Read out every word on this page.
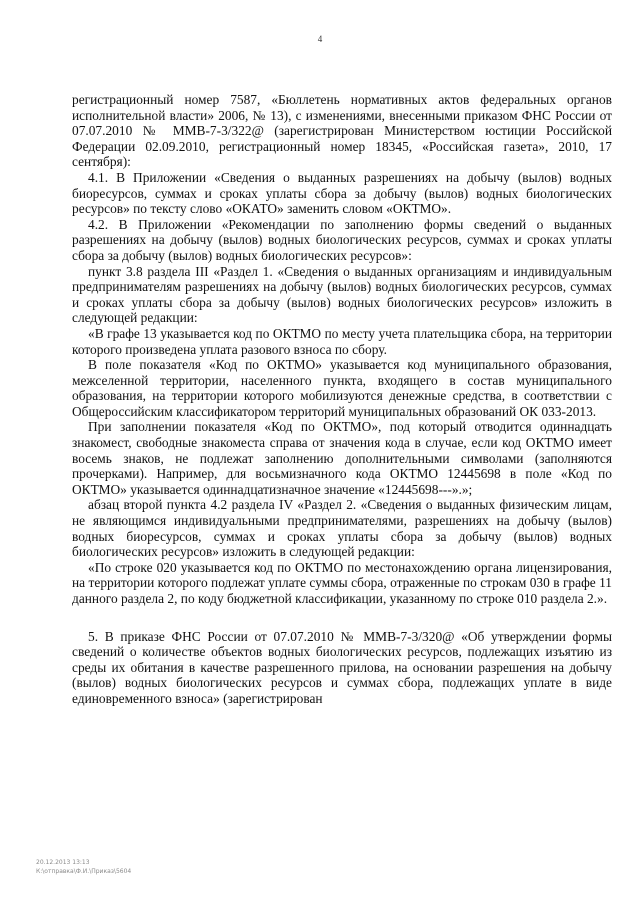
4

регистрационный номер 7587, «Бюллетень нормативных актов федеральных органов исполнительной власти» 2006, № 13), с изменениями, внесенными приказом ФНС России от 07.07.2010 № ММВ-7-3/322@ (зарегистрирован Министерством юстиции Российской Федерации 02.09.2010, регистрационный номер 18345, «Российская газета», 2010, 17 сентября):

4.1. В Приложении «Сведения о выданных разрешениях на добычу (вылов) водных биоресурсов, суммах и сроках уплаты сбора за добычу (вылов) водных биологических ресурсов» по тексту слово «ОКАТО» заменить словом «ОКТМО».

4.2. В Приложении «Рекомендации по заполнению формы сведений о выданных разрешениях на добычу (вылов) водных биологических ресурсов, суммах и сроках уплаты сбора за добычу (вылов) водных биологических ресурсов»:

пункт 3.8 раздела III «Раздел 1. «Сведения о выданных организациям и индивидуальным предпринимателям разрешениях на добычу (вылов) водных биологических ресурсов, суммах и сроках уплаты сбора за добычу (вылов) водных биологических ресурсов» изложить в следующей редакции:

«В графе 13 указывается код по ОКТМО по месту учета плательщика сбора, на территории которого произведена уплата разового взноса по сбору.

В поле показателя «Код по ОКТМО» указывается код муниципального образования, межселенной территории, населенного пункта, входящего в состав муниципального образования, на территории которого мобилизуются денежные средства, в соответствии с Общероссийским классификатором территорий муниципальных образований ОК 033-2013.

При заполнении показателя «Код по ОКТМО», под который отводится одиннадцать знакомест, свободные знакоместа справа от значения кода в случае, если код ОКТМО имеет восемь знаков, не подлежат заполнению дополнительными символами (заполняются прочерками). Например, для восьмизначного кода ОКТМО 12445698 в поле «Код по ОКТМО» указывается одиннадцатизначное значение «12445698---».»;

абзац второй пункта 4.2 раздела IV «Раздел 2. «Сведения о выданных физическим лицам, не являющимся индивидуальными предпринимателями, разрешениях на добычу (вылов) водных биоресурсов, суммах и сроках уплаты сбора за добычу (вылов) водных биологических ресурсов» изложить в следующей редакции:

«По строке 020 указывается код по ОКТМО по местонахождению органа лицензирования, на территории которого подлежат уплате суммы сбора, отраженные по строкам 030 в графе 11 данного раздела 2, по коду бюджетной классификации, указанному по строке 010 раздела 2.».

5. В приказе ФНС России от 07.07.2010 № ММВ-7-3/320@ «Об утверждении формы сведений о количестве объектов водных биологических ресурсов, подлежащих изъятию из среды их обитания в качестве разрешенного прилова, на основании разрешения на добычу (вылов) водных биологических ресурсов и суммах сбора, подлежащих уплате в виде единовременного взноса» (зарегистрирован

20.12.2013 13:13
К:\отправка\Ф.И.\Приказ\5604
